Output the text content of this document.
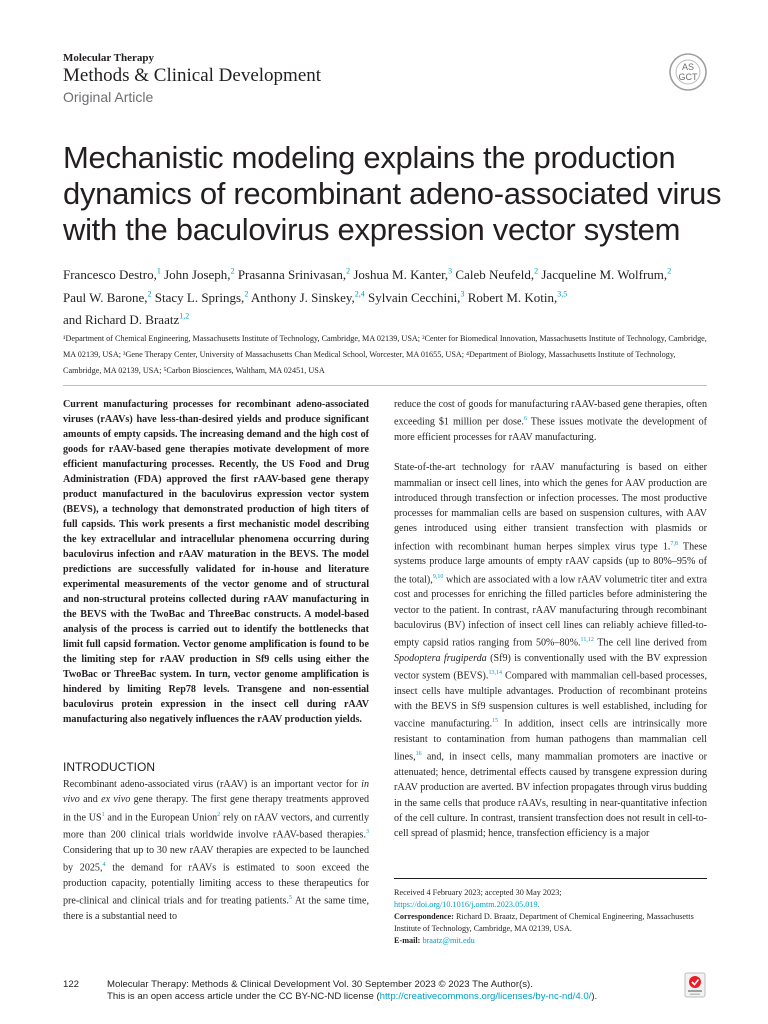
Molecular Therapy
Methods & Clinical Development
Original Article
AS
GCT
Mechanistic modeling explains the production dynamics of recombinant adeno-associated virus with the baculovirus expression vector system
Francesco Destro,$^1$ John Joseph,$^2$ Prasanna Srinivasan,$^2$ Joshua M. Kanter,$^3$ Caleb Neufeld,$^2$ Jacqueline M. Wolfrum,$^2$
Paul W. Barone,$^2$ Stacy L. Springs,$^2$ Anthony J. Sinskey,$^{2,4}$ Sylvain Cecchini,$^3$ Robert M. Kotin,$^{3,5}$
and Richard D. Braatz$^{1,2}$
¹Department of Chemical Engineering, Massachusetts Institute of Technology, Cambridge, MA 02139, USA; ²Center for Biomedical Innovation, Massachusetts Institute of Technology, Cambridge, MA 02139, USA; ³Gene Therapy Center, University of Massachusetts Chan Medical School, Worcester, MA 01655, USA; ⁴Department of Biology, Massachusetts Institute of Technology, Cambridge, MA 02139, USA; ⁵Carbon Biosciences, Waltham, MA 02451, USA

Current manufacturing processes for recombinant adeno-associated viruses (rAAVs) have less-than-desired yields and produce significant amounts of empty capsids. The increasing demand and the high cost of goods for rAAV-based gene therapies motivate development of more efficient manufacturing processes. Recently, the US Food and Drug Administration (FDA) approved the first rAAV-based gene therapy product manufactured in the baculovirus expression vector system (BEVS), a technology that demonstrated production of high titers of full capsids. This work presents a first mechanistic model describing the key extracellular and intracellular phenomena occurring during baculovirus infection and rAAV maturation in the BEVS. The model predictions are successfully validated for in-house and literature experimental measurements of the vector genome and of structural and non-structural proteins collected during rAAV manufacturing in the BEVS with the TwoBac and ThreeBac constructs. A model-based analysis of the process is carried out to identify the bottlenecks that limit full capsid formation. Vector genome amplification is found to be the limiting step for rAAV production in Sf9 cells using either the TwoBac or ThreeBac system. In turn, vector genome amplification is hindered by limiting Rep78 levels. Transgene and non-essential baculovirus protein expression in the insect cell during rAAV manufacturing also negatively influences the rAAV production yields.

INTRODUCTION

Recombinant adeno-associated virus (rAAV) is an important vector for in vivo and ex vivo gene therapy. The first gene therapy treatments approved in the US$^1$ and in the European Union$^2$ rely on rAAV vectors, and currently more than 200 clinical trials worldwide involve rAAV-based therapies.$^3$ Considering that up to 30 new rAAV therapies are expected to be launched by 2025,$^4$ the demand for rAAVs is estimated to soon exceed the production capacity, potentially limiting access to these therapeutics for pre-clinical and clinical trials and for treating patients.$^5$ At the same time, there is a substantial need to

reduce the cost of goods for manufacturing rAAV-based gene therapies, often exceeding $1 million per dose.$^6$ These issues motivate the development of more efficient processes for rAAV manufacturing.

State-of-the-art technology for rAAV manufacturing is based on either mammalian or insect cell lines, into which the genes for AAV production are introduced through transfection or infection processes. The most productive processes for mammalian cells are based on suspension cultures, with AAV genes introduced using either transient transfection with plasmids or infection with recombinant human herpes simplex virus type 1.$^{7,8}$ These systems produce large amounts of empty rAAV capsids (up to 80%–95% of the total),$^{9,10}$ which are associated with a low rAAV volumetric titer and extra cost and processes for enriching the filled particles before administering the vector to the patient. In contrast, rAAV manufacturing through recombinant baculovirus (BV) infection of insect cell lines can reliably achieve filled-to-empty capsid ratios ranging from 50%–80%.$^{11,12}$ The cell line derived from Spodoptera frugiperda (Sf9) is conventionally used with the BV expression vector system (BEVS).$^{13,14}$ Compared with mammalian cell-based processes, insect cells have multiple advantages. Production of recombinant proteins with the BEVS in Sf9 suspension cultures is well established, including for vaccine manufacturing.$^{15}$ In addition, insect cells are intrinsically more resistant to contamination from human pathogens than mammalian cell lines,$^{16}$ and, in insect cells, many mammalian promoters are inactive or attenuated; hence, detrimental effects caused by transgene expression during rAAV production are averted. BV infection propagates through virus budding in the same cells that produce rAAVs, resulting in near-quantitative infection of the cell culture. In contrast, transient transfection does not result in cell-to-cell spread of plasmid; hence, transfection efficiency is a major

Received 4 February 2023; accepted 30 May 2023;
https://doi.org/10.1016/j.omtm.2023.05.019.
Correspondence: Richard D. Braatz, Department of Chemical Engineering, Massachusetts Institute of Technology, Cambridge, MA 02139, USA.
E-mail: braatz@mit.edu
122	Molecular Therapy: Methods & Clinical Development Vol. 30 September 2023 © 2023 The Author(s).
This is an open access article under the CC BY-NC-ND license (http://creativecommons.org/licenses/by-nc-nd/4.0/).
